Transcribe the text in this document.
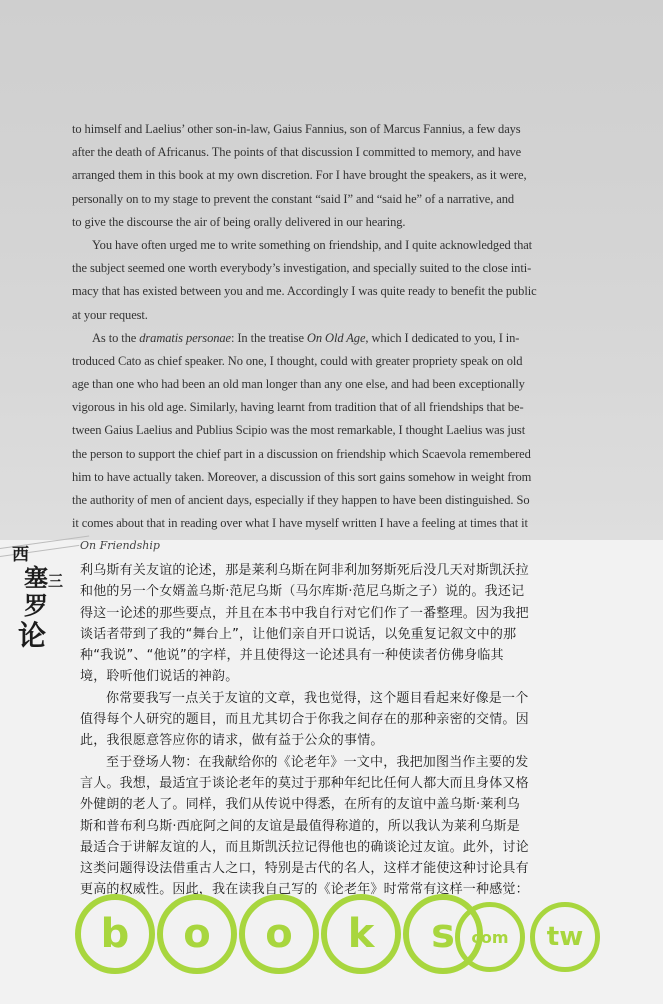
to himself and Laelius’ other son-in-law, Gaius Fannius, son of Marcus Fannius, a few days
after the death of Africanus. The points of that discussion I committed to memory, and have
arranged them in this book at my own discretion. For I have brought the speakers, as it were,
personally on to my stage to prevent the constant “said I” and “said he” of a narrative, and
to give the discourse the air of being orally delivered in our hearing.
You have often urged me to write something on friendship, and I quite acknowledged that
the subject seemed one worth everybody’s investigation, and specially suited to the close inti-
macy that has existed between you and me. Accordingly I was quite ready to benefit the public
at your request.
As to the dramatis personae: In the treatise On Old Age, which I dedicated to you, I in-
troduced Cato as chief speaker. No one, I thought, could with greater propriety speak on old
age than one who had been an old man longer than any one else, and had been exceptionally
vigorous in his old age. Similarly, having learnt from tradition that of all friendships that be-
tween Gaius Laelius and Publius Scipio was the most remarkable, I thought Laelius was just
the person to support the chief part in a discussion on friendship which Scaevola remembered
him to have actually taken. Moreover, a discussion of this sort gains somehow in weight from
the authority of men of ancient days, especially if they happen to have been distinguished. So
it comes about that in reading over what I have myself written I have a feeling at times that it
On Friendship
西
塞
罗
三
论
利乌斯有关友谊的论述，那是莱利乌斯在阿非利加努斯死后没几天对斯凯沃拉
和他的另一个女婿盖乌斯·范尼乌斯（马尔库斯·范尼乌斯之子）说的。我还记
得这一论述的那些要点，并且在本书中我自行对它们作了一番整理。因为我把
谈话者带到了我的“舞台上”，让他们亲自开口说话，以免重复记叙文中的那
种“我说”、“他说”的字样，并且使得这一论述具有一种使读者仿佛身临其
境，聆听他们说话的神韵。
你常要我写一点关于友谊的文章，我也觉得，这个题目看起来好像是一个
值得每个人研究的题目，而且尤其切合于你我之间存在的那种亲密的交情。因
此，我很愿意答应你的请求，做有益于公众的事情。
至于登场人物：在我献给你的《论老年》一文中，我把加图当作主要的发
言人。我想，最适宜于谈论老年的莫过于那种年纪比任何人都大而且身体又格
外健朗的老人了。同样，我们从传说中得悉，在所有的友谊中盖乌斯·莱利乌
斯和普布利乌斯·西庇阿之间的友谊是最值得称道的，所以我认为莱利乌斯是
最适合于讲解友谊的人，而且斯凯沃拉记得他也的确谈论过友谊。此外，讨论
这类问题得设法借重古人之口，特别是古代的名人，这样才能使这种讨论具有
更高的权威性。因此，我在读我自己写的《论老年》时常常有这样一种感觉：
b o o k s com tw
